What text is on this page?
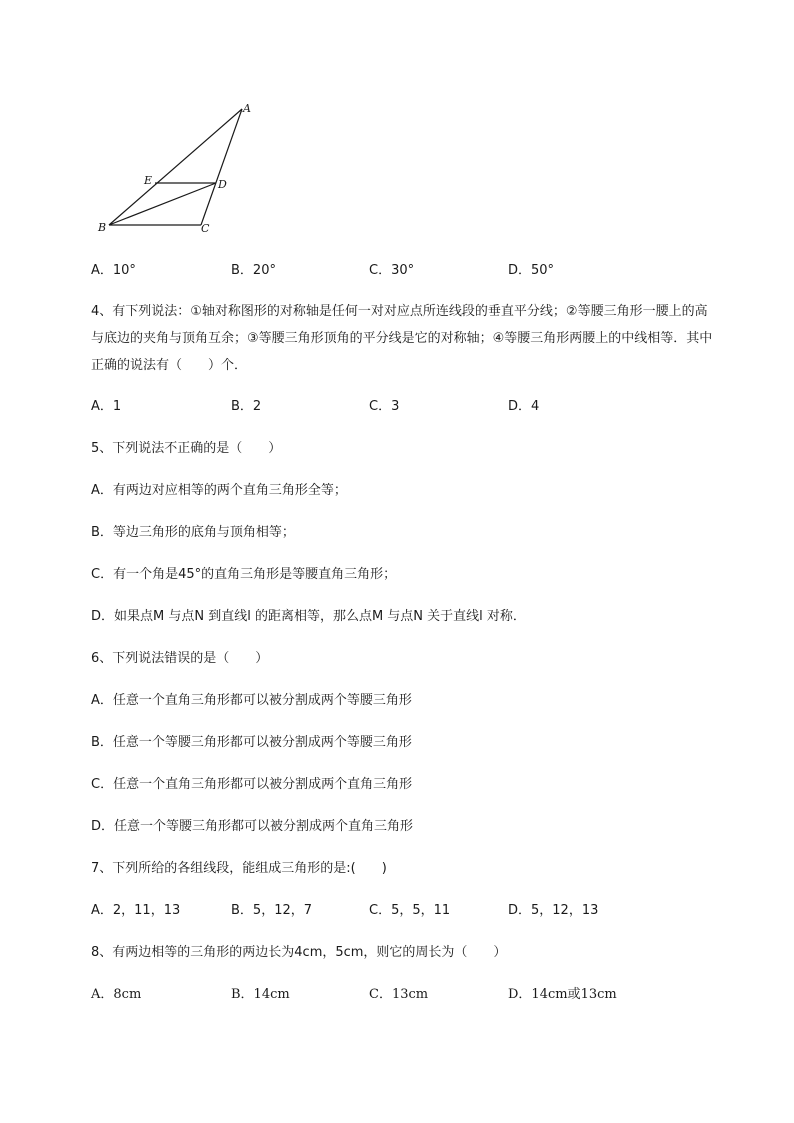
A
E	D
B	C
A．10°	B．20°	C．30°	D．50°
4、有下列说法：①轴对称图形的对称轴是任何一对对应点所连线段的垂直平分线；②等腰三角形一腰上的高与底边的夹角与顶角互余；③等腰三角形顶角的平分线是它的对称轴；④等腰三角形两腰上的中线相等．其中正确的说法有（　　）个．
A．1	B．2	C．3	D．4
5、下列说法不正确的是（　　）
A．有两边对应相等的两个直角三角形全等；
B．等边三角形的底角与顶角相等；
C．有一个角是45°的直角三角形是等腰直角三角形；
D．如果点M 与点N 到直线l 的距离相等，那么点M 与点N 关于直线l 对称．
6、下列说法错误的是（　　）
A．任意一个直角三角形都可以被分割成两个等腰三角形
B．任意一个等腰三角形都可以被分割成两个等腰三角形
C．任意一个直角三角形都可以被分割成两个直角三角形
D．任意一个等腰三角形都可以被分割成两个直角三角形
7、下列所给的各组线段，能组成三角形的是:(　　)
A．2，11，13	B．5，12，7	C．5，5，11	D．5，12，13
8、有两边相等的三角形的两边长为4cm，5cm，则它的周长为（　　）
A．8cm	B．14cm	C．13cm	D．14cm或13cm
